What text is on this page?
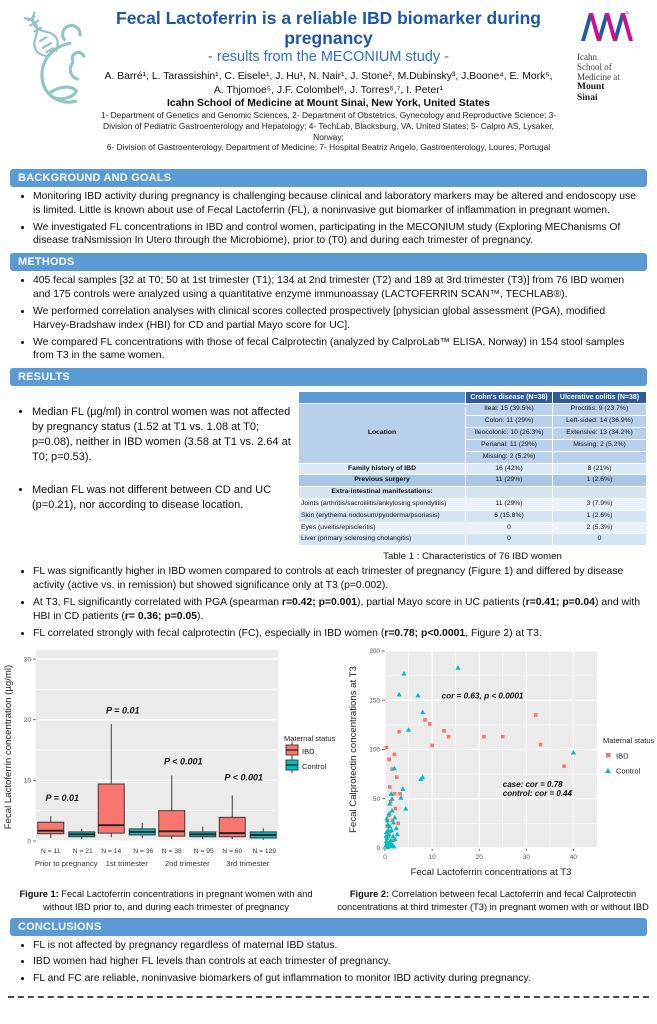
Fecal Lactoferrin is a reliable IBD biomarker during pregnancy
- results from the MECONIUM study -

A. Barré¹, L. Tarassishin¹, C. Eisele¹, J. Hu¹, N. Nair¹, J. Stone², M.Dubinsky³, J.Boone⁴, E. Mork⁵,

A. Thjomoe⁵, J.F. Colombel⁶, J. Torres⁶,⁷, I. Peter¹

Icahn School of Medicine at Mount Sinai, New York, United States

1- Department of Genetics and Genomic Sciences, 2- Department of Obstetrics, Gynecology and Reproductive Science; 3- Division of Pediatric Gastroenterology and Hepatology; 4- TechLab, Blacksburg, VA, United States; 5- Calpro AS, Lysaker, Norway;

6- Division of Gastroenterology, Department of Medicine; 7- Hospital Beatriz Angelo, Gastroenterology, Loures, Portugal

Icahn
School of
Medicine at
Mount
Sinai
BACKGROUND AND GOALS
• Monitoring IBD activity during pregnancy is challenging because clinical and laboratory markers may be altered and endoscopy use is limited. Little is known about use of Fecal Lactoferrin (FL), a noninvasive gut biomarker of inflammation in pregnant women.
• We investigated FL concentrations in IBD and control women, participating in the MECONIUM study (Exploring MEChanisms Of disease traNsmission In Utero through the Microbiome), prior to (T0) and during each trimester of pregnancy.
METHODS
• 405 fecal samples [32 at T0; 50 at 1st trimester (T1); 134 at 2nd trimester (T2) and 189 at 3rd trimester (T3)] from 76 IBD women and 175 controls were analyzed using a quantitative enzyme immunoassay (LACTOFERRIN SCAN™, TECHLAB®).
• We performed correlation analyses with clinical scores collected prospectively [physician global assessment (PGA), modified Harvey-Bradshaw index (HBI) for CD and partial Mayo score for UC].
• We compared FL concentrations with those of fecal Calprotectin (analyzed by CalproLab™ ELISA, Norway) in 154 stool samples from T3 in the same women.
RESULTS
• Median FL (µg/ml) in control women was not affected by pregnancy status (1.52 at T1 vs. 1.08 at T0; p=0.08), neither in IBD women (3.58 at T1 vs. 2.64 at T0; p=0.53).
• Median FL was not different between CD and UC (p=0.21), nor according to disease location.
	Crohn's disease (N=38)	Ulcerative colitis (N=38)
Location	Ileal: 15 (39.5%)	Proctitis: 9 (23.7%)
	Colon: 11 (29%)	Left-sided: 14 (36.9%)
	Ileocolonic: 10 (26.3%)	Extensive: 13 (34.2%)
	Perianal: 11 (29%)	Missing: 2 (5.2%)
	Missing: 2 (5.2%)	
Family history of IBD	16 (42%)	8 (21%)
Previous surgery	11 (29%)	1 (2.6%)
Extra-intestinal manifestations:		
Joints (arthritis/sacroiliitis/ankylosing spondylitis)	11 (29%)	3 (7.9%)
Skin (erythema nodosum/pyoderma/psoriasis)	6 (15.8%)	1 (2.6%)
Eyes (uveitis/episcleritis)	0	2 (5.3%)
Liver (primary sclerosing cholangitis)	0	0
Table 1 : Characteristics of 76 IBD women
• FL was significantly higher in IBD women compared to controls at each trimester of pregnancy (Figure 1) and differed by disease activity (active vs. in remission) but showed significance only at T3 (p=0.002).
• At T3, FL significantly correlated with PGA (spearman r=0.42; p=0.001), partial Mayo score in UC patients (r=0.41; p=0.04) and with HBI in CD patients (r= 0.36; p=0.05).
• FL correlated strongly with fecal calprotectin (FC), especially in IBD women (r=0.78; p<0.0001, Figure 2) at T3.
0
10
20
30
Fecal Lactoferrin concentration (µg/ml)	P = 0.01
N = 11 N = 21
Prior to pregnancy
P = 0.01
N = 14 N = 36
1st trimester
P < 0.001
N = 38 N = 95
2nd trimester
P < 0.001
N = 60 N = 129
3rd trimester
Maternal status
IBD
Control
0	10	20	30	40
0
50
100
150
200
cor = 0.63, p < 0.0001
case: cor = 0.78
control: cor = 0.44
Maternal status
IBD
Control
Fecal Lactoferrin concentrations at T3
Fecal Calprotectin concentrations at T3
Figure 1: Fecal Lactoferrin concentrations in pregnant women with and without IBD prior to, and during each trimester of pregnancy
Figure 2: Correlation between fecal Lactoferrin and fecal Calprotectin concentrations at third trimester (T3) in pregnant women with or without IBD
CONCLUSIONS
• FL is not affected by pregnancy regardless of maternal IBD status.
• IBD women had higher FL levels than controls at each trimester of pregnancy.
• FL and FC are reliable, noninvasive biomarkers of gut inflammation to monitor IBD activity during pregnancy.
